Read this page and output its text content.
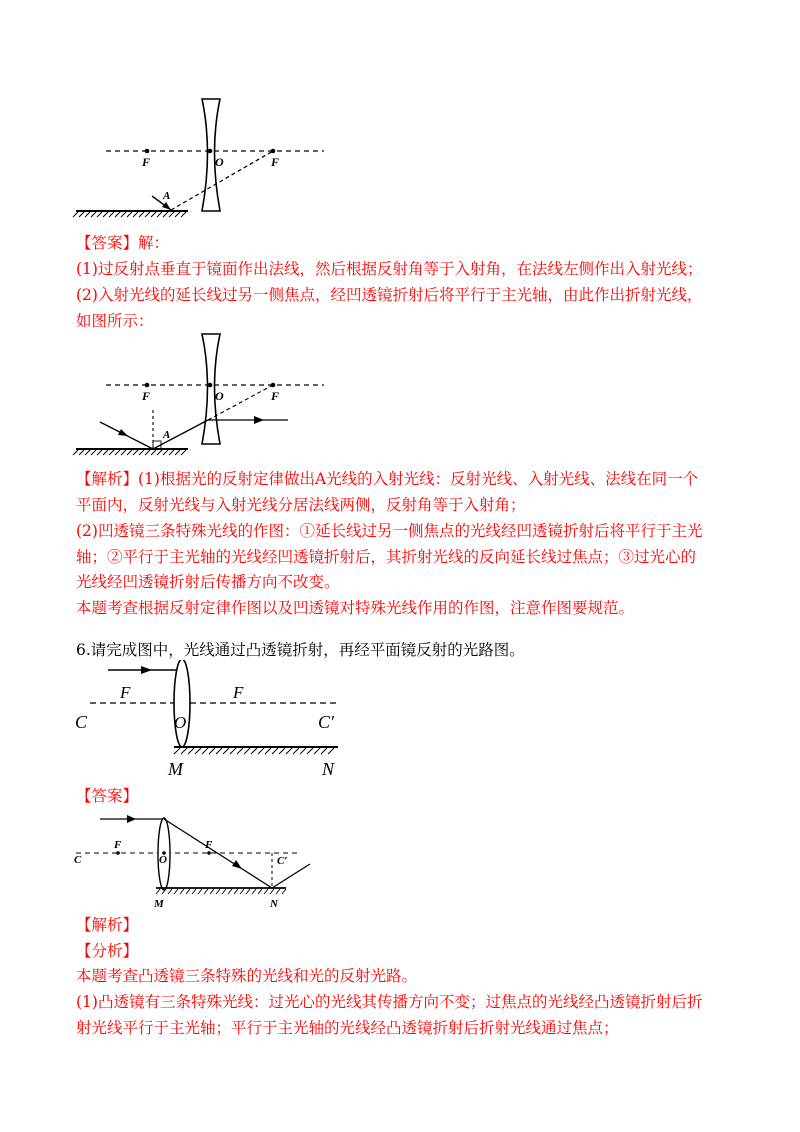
F	O	F
A
【答案】解：
(1)过反射点垂直于镜面作出法线，然后根据反射角等于入射角，在法线左侧作出入射光线；
(2)入射光线的延长线过另一侧焦点，经凹透镜折射后将平行于主光轴，由此作出折射光线，
如图所示：
F	O	F
A
【解析】(1)根据光的反射定律做出A光线的入射光线：反射光线、入射光线、法线在同一个
平面内，反射光线与入射光线分居法线两侧，反射角等于入射角；
(2)凹透镜三条特殊光线的作图：①延长线过另一侧焦点的光线经凹透镜折射后将平行于主光
轴；②平行于主光轴的光线经凹透镜折射后，其折射光线的反向延长线过焦点；③过光心的
光线经凹透镜折射后传播方向不改变。
本题考查根据反射定律作图以及凹透镜对特殊光线作用的作图，注意作图要规范。
6.请完成图中，光线通过凸透镜折射，再经平面镜反射的光路图。
F	F
C	O	C′
M	N
【答案】
C
F
O
F
C′
M	N
【解析】
【分析】
本题考查凸透镜三条特殊的光线和光的反射光路。
(1)凸透镜有三条特殊光线：过光心的光线其传播方向不变；过焦点的光线经凸透镜折射后折
射光线平行于主光轴；平行于主光轴的光线经凸透镜折射后折射光线通过焦点；
